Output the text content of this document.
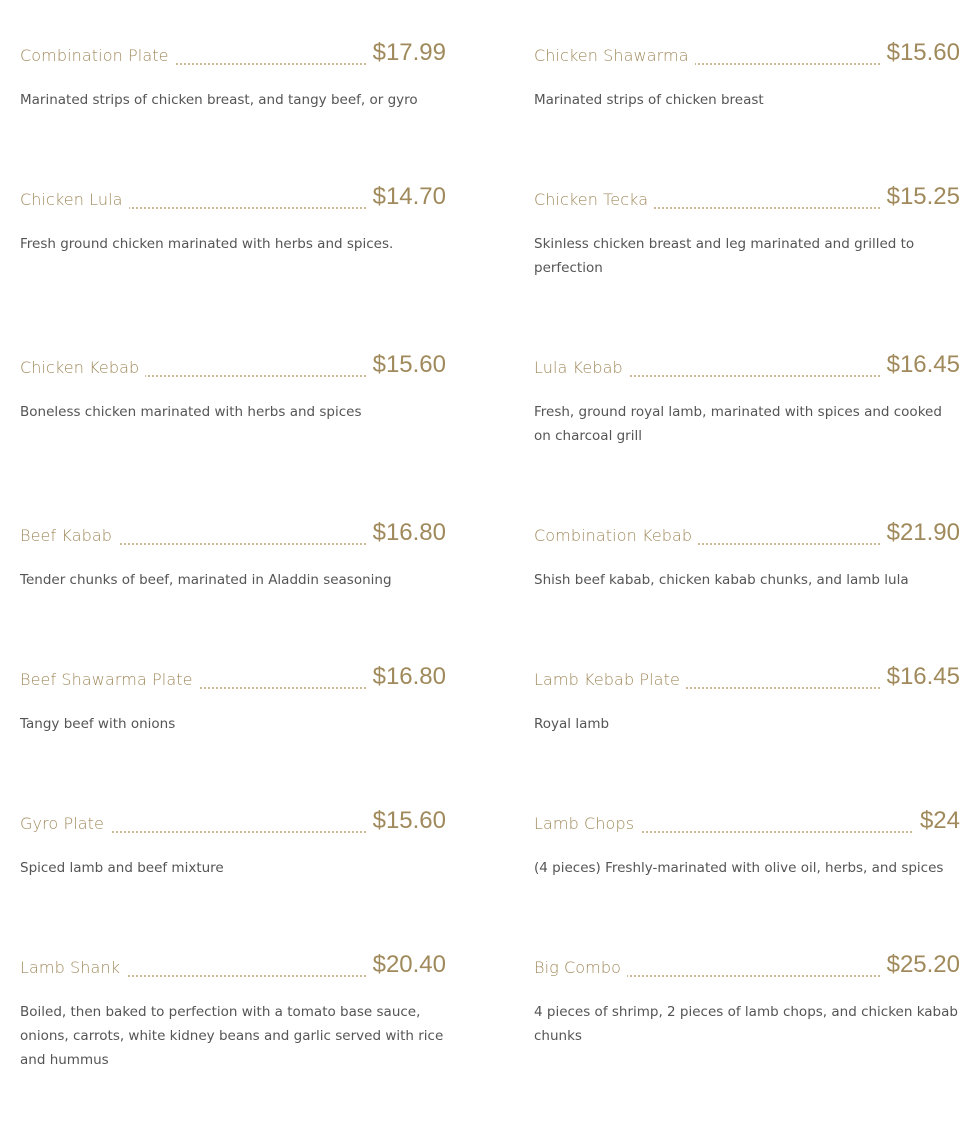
Combination Plate	$17.99
Marinated strips of chicken breast, and tangy beef, or gyro
Chicken Lula	$14.70
Fresh ground chicken marinated with herbs and spices.
Chicken Kebab	$15.60
Boneless chicken marinated with herbs and spices
Beef Kabab	$16.80
Tender chunks of beef, marinated in Aladdin seasoning
Beef Shawarma Plate	$16.80
Tangy beef with onions
Gyro Plate	$15.60
Spiced lamb and beef mixture
Lamb Shank	$20.40
Boiled, then baked to perfection with a tomato base sauce, onions, carrots, white kidney beans and garlic served with rice and hummus
Chicken Shawarma	$15.60
Marinated strips of chicken breast
Chicken Tecka	$15.25
Skinless chicken breast and leg marinated and grilled to perfection
Lula Kebab	$16.45
Fresh, ground royal lamb, marinated with spices and cooked on charcoal grill
Combination Kebab	$21.90
Shish beef kabab, chicken kabab chunks, and lamb lula
Lamb Kebab Plate	$16.45
Royal lamb
Lamb Chops	$24
(4 pieces) Freshly-marinated with olive oil, herbs, and spices
Big Combo	$25.20
4 pieces of shrimp, 2 pieces of lamb chops, and chicken kabab chunks
